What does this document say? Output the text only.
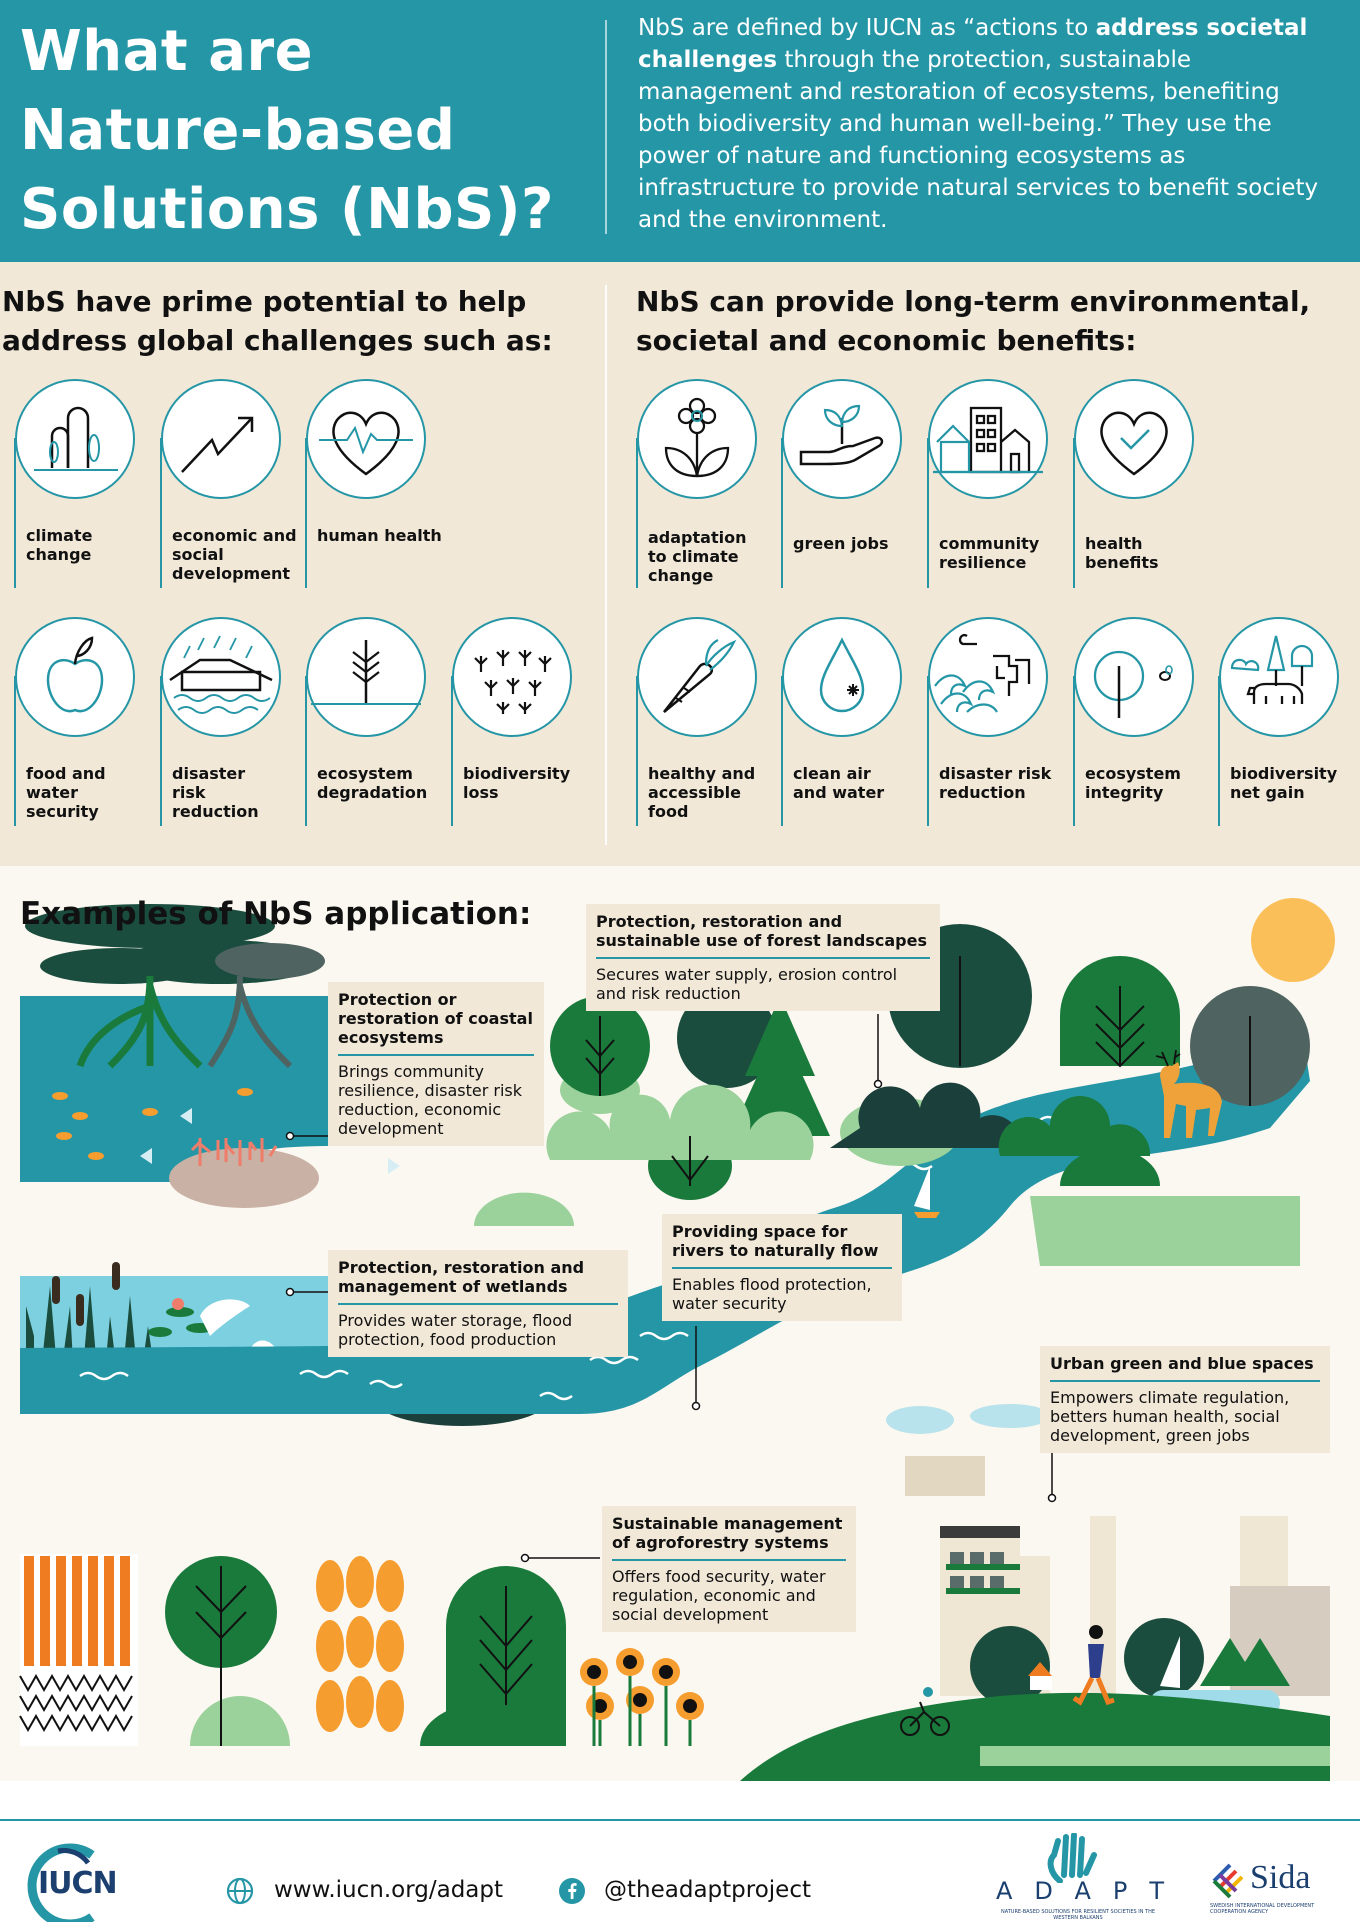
What are
Nature-based
Solutions (NbS)?
NbS are defined by IUCN as “actions to address societal challenges through the protection, sustainable management and restoration of ecosystems, benefiting both biodiversity and human well-being.” They use the power of nature and functioning ecosystems as infrastructure to provide natural services to benefit society and the environment.
NbS have prime potential to help address global challenges such as:
NbS can provide long-term environmental, societal and economic benefits:
climate change
economic and social development
human health
food and water security
disaster risk reduction
ecosystem degradation
biodiversity loss
adaptation to climate change
green jobs	community resilience
health benefits
healthy and accessible food
clean air and water
disaster risk reduction
ecosystem integrity
biodiversity net gain
Examples of NbS application:	Protection, restoration and sustainable use of forest landscapes
Secures water supply, erosion control and risk reduction
Protection or restoration of coastal ecosystems
Brings community resilience, disaster risk reduction, economic development
Providing space for rivers to naturally flow
Enables flood protection, water security
Protection, restoration and management of wetlands
Provides water storage, flood protection, food production
Urban green and blue spaces
Empowers climate regulation, betters human health, social development, green jobs
Sustainable management of agroforestry systems
Offers food security, water regulation, economic and social development
IUCN	www.iucn.org/adapt	@theadaptproject	ADAPT
NATURE-BASED SOLUTIONS FOR RESILIENT SOCIETIES IN THE WESTERN BALKANS
Sida
SWEDISH INTERNATIONAL DEVELOPMENT COOPERATION AGENCY
